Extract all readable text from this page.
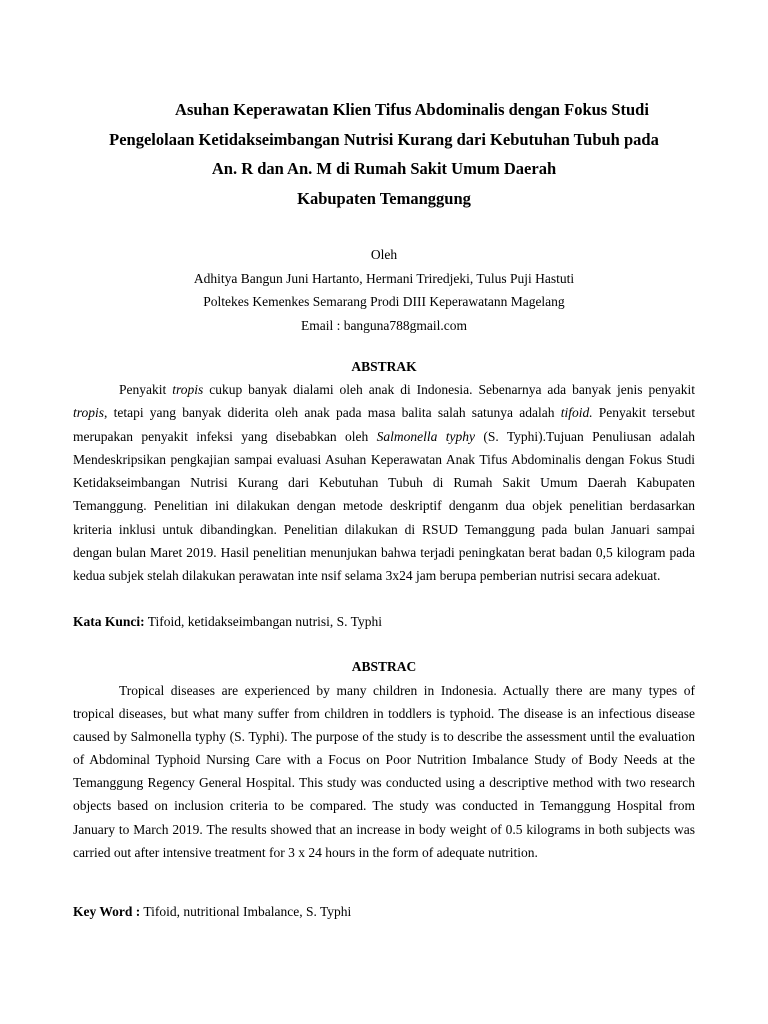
Asuhan Keperawatan Klien Tifus Abdominalis dengan Fokus Studi
Pengelolaan Ketidakseimbangan Nutrisi Kurang dari Kebutuhan Tubuh pada
An. R dan An. M di Rumah Sakit Umum Daerah
Kabupaten Temanggung
Oleh
Adhitya Bangun Juni Hartanto, Hermani Triredjeki, Tulus Puji Hastuti
Poltekes Kemenkes Semarang Prodi DIII Keperawatann Magelang
Email : banguna788gmail.com
ABSTRAK
Penyakit tropis cukup banyak dialami oleh anak di Indonesia. Sebenarnya ada banyak jenis penyakit tropis, tetapi yang banyak diderita oleh anak pada masa balita salah satunya adalah tifoid. Penyakit tersebut merupakan penyakit infeksi yang disebabkan oleh Salmonella typhy (S. Typhi).Tujuan Penuliusan adalah Mendeskripsikan pengkajian sampai evaluasi Asuhan Keperawatan Anak Tifus Abdominalis dengan Fokus Studi Ketidakseimbangan Nutrisi Kurang dari Kebutuhan Tubuh di Rumah Sakit Umum Daerah Kabupaten Temanggung. Penelitian ini dilakukan dengan metode deskriptif denganm dua objek penelitian berdasarkan kriteria inklusi untuk dibandingkan. Penelitian dilakukan di RSUD Temanggung pada bulan Januari sampai dengan bulan Maret 2019. Hasil penelitian menunjukan bahwa terjadi peningkatan berat badan 0,5 kilogram pada kedua subjek stelah dilakukan perawatan inte nsif selama 3x24 jam berupa pemberian nutrisi secara adekuat.
Kata Kunci: Tifoid, ketidakseimbangan nutrisi, S. Typhi
ABSTRAC
Tropical diseases are experienced by many children in Indonesia. Actually there are many types of tropical diseases, but what many suffer from children in toddlers is typhoid. The disease is an infectious disease caused by Salmonella typhy (S. Typhi). The purpose of the study is to describe the assessment until the evaluation of Abdominal Typhoid Nursing Care with a Focus on Poor Nutrition Imbalance Study of Body Needs at the Temanggung Regency General Hospital. This study was conducted using a descriptive method with two research objects based on inclusion criteria to be compared. The study was conducted in Temanggung Hospital from January to March 2019. The results showed that an increase in body weight of 0.5 kilograms in both subjects was carried out after intensive treatment for 3 x 24 hours in the form of adequate nutrition.
Key Word : Tifoid, nutritional Imbalance, S. Typhi
